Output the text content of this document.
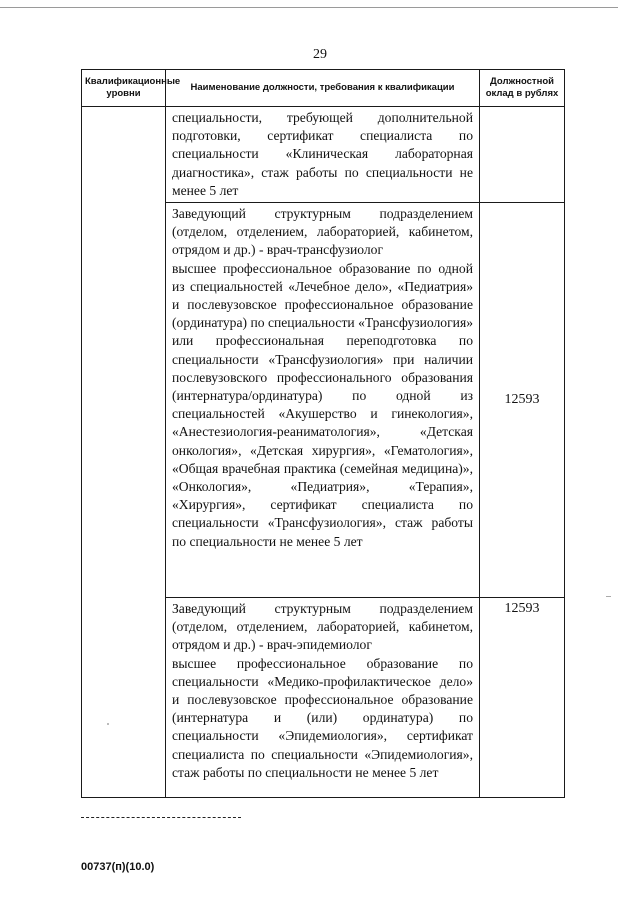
29
Квалификационные уровни	Наименование должности, требования к квалификации	Должностной оклад в рублях

	специальности, требующей дополнительной подготовки, сертификат специалиста по специальности «Клиническая лабораторная диагностика», стаж работы по специальности не менее 5 лет	

	Заведующий структурным подразделением (отделом, отделением, лабораторией, кабинетом, отрядом и др.) - врач-трансфузиолог
высшее профессиональное образование по одной из специальностей «Лечебное дело», «Педиатрия» и послевузовское профессиональное образование (ординатура) по специальности «Трансфузиология» или профессиональная переподготовка по специальности «Трансфузиология» при наличии послевузовского профессионального образования (интернатура/ординатура) по одной из специальностей «Акушерство и гинекология», «Анестезиология-реаниматология», «Детская онкология», «Детская хирургия», «Гематология», «Общая врачебная практика (семейная медицина)», «Онкология», «Педиатрия», «Терапия», «Хирургия», сертификат специалиста по специальности «Трансфузиология», стаж работы по специальности не менее 5 лет	12593

	Заведующий структурным подразделением (отделом, отделением, лабораторией, кабинетом, отрядом и др.) - врач-эпидемиолог
высшее профессиональное образование по специальности «Медико-профилактическое дело» и послевузовское профессиональное образование (интернатура и (или) ординатура) по специальности «Эпидемиология», сертификат специалиста по специальности «Эпидемиология», стаж работы по специальности не менее 5 лет	12593
00737(п)(10.0)
